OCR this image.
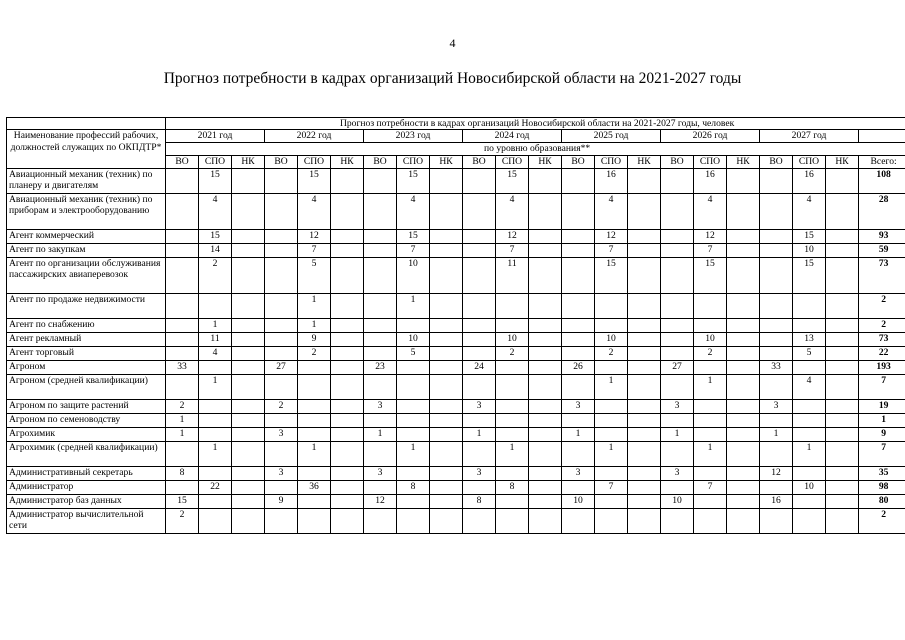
4
Прогноз потребности в кадрах организаций Новосибирской области на 2021-2027 годы
	Прогноз потребности в кадрах организаций Новосибирской области на 2021-2027 годы, человек																					
Наименование профессий рабочих, должностей служащих по ОКПДТР*	2021 год			2022 год			2023 год			2024 год			2025 год			2026 год			2027 год			
	по уровню образования**																					
	ВО	СПО	НК	ВО	СПО	НК	ВО	СПО	НК	ВО	СПО	НК	ВО	СПО	НК	ВО	СПО	НК	ВО	СПО	НК	Всего:
Авиационный механик (техник) по планеру и двигателям		15			15			15			15			16			16			16		108
Авиационный механик (техник) по приборам и электрооборудованию		4			4			4			4			4			4			4		28
Агент коммерческий		15			12			15			12			12			12			15		93
Агент по закупкам		14			7			7			7			7			7			10		59
Агент по организации обслуживания пассажирских авиаперевозок		2			5			10			11			15			15			15		73
Агент по продаже недвижимости					1			1														2
Агент по снабжению		1			1																	2
Агент рекламный		11			9			10			10			10			10			13		73
Агент торговый		4			2			5			2			2			2			5		22
Агроном	33			27			23			24			26			27			33			193
Агроном (средней квалификации)		1												1			1			4		7
Агроном по защите растений	2			2			3			3			3			3			3			19
Агроном по семеноводству	1																					1
Агрохимик	1			3			1			1			1			1			1			9
Агрохимик (средней квалификации)		1			1			1			1			1			1			1		7
Административный секретарь	8			3			3			3			3			3			12			35
Администратор		22			36			8			8			7			7			10		98
Администратор баз данных	15			9			12			8			10			10			16			80
Администратор вычислительной сети	2																					2
